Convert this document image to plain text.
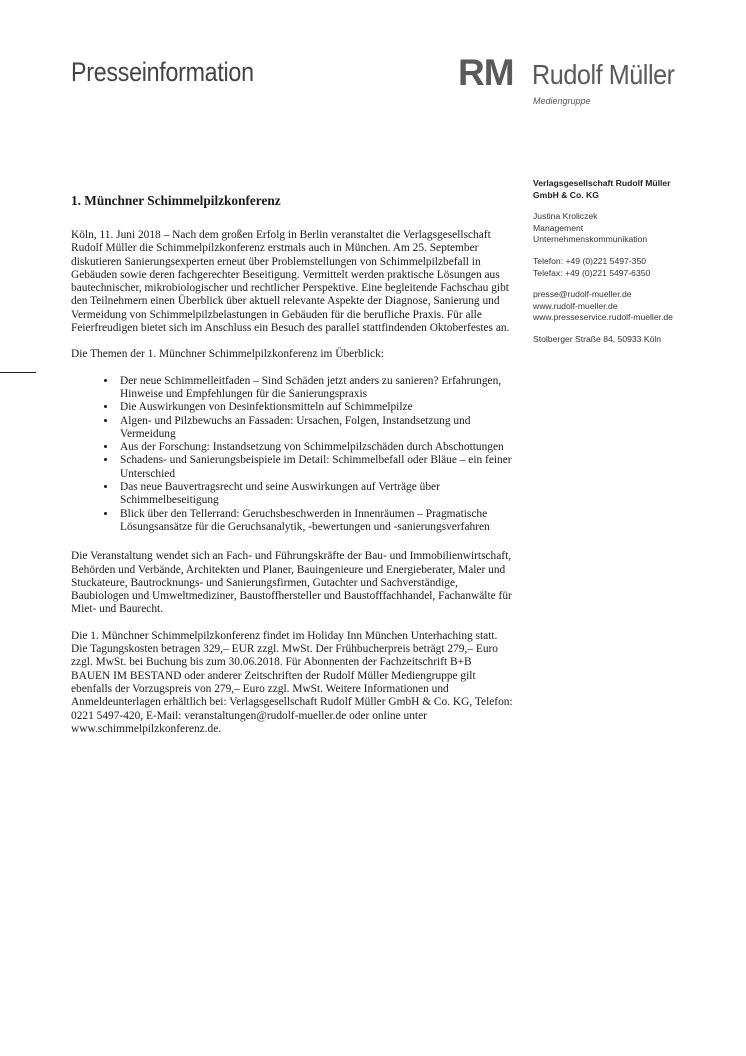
Presseinformation	RM Rudolf Müller
Mediengruppe
Verlagsgesellschaft Rudolf Müller
GmbH & Co. KG
Justina Kroliczek
Management
Unternehmenskommunikation
Telefon: +49 (0)221 5497-350
Telefax: +49 (0)221 5497-6350
presse@rudolf-mueller.de
www.rudolf-mueller.de
www.presseservice.rudolf-mueller.de
Stolberger Straße 84, 50933 Köln
1. Münchner Schimmelpilzkonferenz

Köln, 11. Juni 2018 – Nach dem großen Erfolg in Berlin veranstaltet die Verlagsgesellschaft Rudolf Müller die Schimmelpilzkonferenz erstmals auch in München. Am 25. September diskutieren Sanierungsexperten erneut über Problemstellungen von Schimmelpilzbefall in Gebäuden sowie deren fachgerechter Beseitigung. Vermittelt werden praktische Lösungen aus bautechnischer, mikrobiologischer und rechtlicher Perspektive. Eine begleitende Fachschau gibt den Teilnehmern einen Überblick über aktuell relevante Aspekte der Diagnose, Sanierung und Vermeidung von Schimmelpilzbelastungen in Gebäuden für die berufliche Praxis. Für alle Feierfreudigen bietet sich im Anschluss ein Besuch des parallel stattfindenden Oktoberfestes an.

Die Themen der 1. Münchner Schimmelpilzkonferenz im Überblick:

• Der neue Schimmelleitfaden – Sind Schäden jetzt anders zu sanieren? Erfahrungen, Hinweise und Empfehlungen für die Sanierungspraxis
• Die Auswirkungen von Desinfektionsmitteln auf Schimmelpilze
• Algen- und Pilzbewuchs an Fassaden: Ursachen, Folgen, Instandsetzung und Vermeidung
• Aus der Forschung: Instandsetzung von Schimmelpilzschäden durch Abschottungen
• Schadens- und Sanierungsbeispiele im Detail: Schimmelbefall oder Bläue – ein feiner Unterschied
• Das neue Bauvertragsrecht und seine Auswirkungen auf Verträge über Schimmelbeseitigung
• Blick über den Tellerrand: Geruchsbeschwerden in Innenräumen – Pragmatische Lösungsansätze für die Geruchsanalytik, -bewertungen und -sanierungsverfahren

Die Veranstaltung wendet sich an Fach- und Führungskräfte der Bau- und Immobilienwirtschaft, Behörden und Verbände, Architekten und Planer, Bauingenieure und Energieberater, Maler und Stuckateure, Bautrocknungs- und Sanierungsfirmen, Gutachter und Sachverständige, Baubiologen und Umweltmediziner, Baustoffhersteller und Baustofffachhandel, Fachanwälte für Miet- und Baurecht.

Die 1. Münchner Schimmelpilzkonferenz findet im Holiday Inn München Unterhaching statt. Die Tagungskosten betragen 329,– EUR zzgl. MwSt. Der Frühbucherpreis beträgt 279,– Euro zzgl. MwSt. bei Buchung bis zum 30.06.2018. Für Abonnenten der Fachzeitschrift B+B BAUEN IM BESTAND oder anderer Zeitschriften der Rudolf Müller Mediengruppe gilt ebenfalls der Vorzugspreis von 279,– Euro zzgl. MwSt. Weitere Informationen und Anmeldeunterlagen erhältlich bei: Verlagsgesellschaft Rudolf Müller GmbH & Co. KG, Telefon: 0221 5497-420, E-Mail: veranstaltungen@rudolf-mueller.de oder online unter www.schimmelpilzkonferenz.de.
